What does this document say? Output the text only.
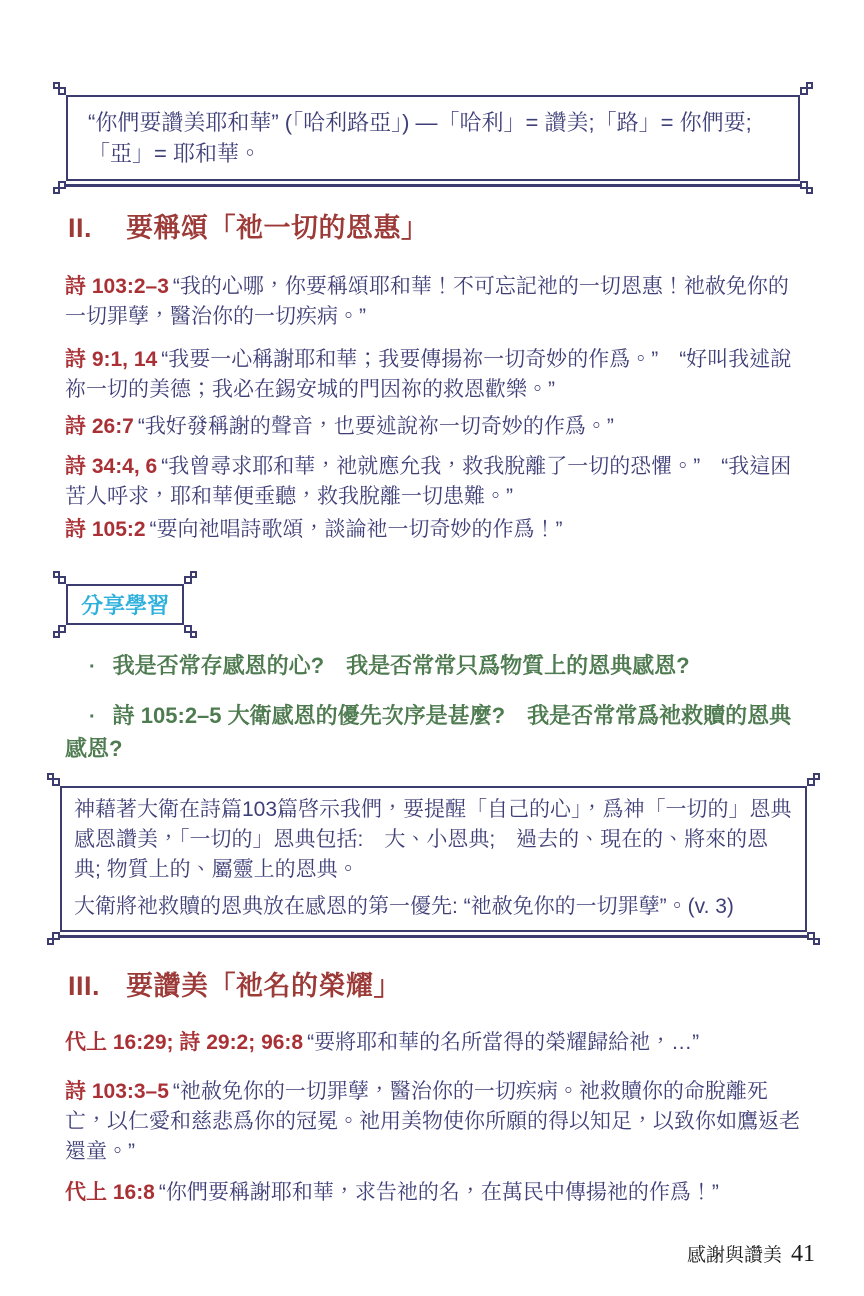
“你們要讚美耶和華” (「哈利路亞」) —「哈利」= 讚美;「路」= 你們要;「亞」= 耶和華。
II. 要稱頌「祂一切的恩惠」

詩 103:2–3 “我的心哪，你要稱頌耶和華！不可忘記祂的一切恩惠！祂赦免你的一切罪孽，醫治你的一切疾病。”

詩 9:1, 14 “我要一心稱謝耶和華；我要傳揚祢一切奇妙的作爲。”　“好叫我述說祢一切的美德；我必在錫安城的門因祢的救恩歡樂。”

詩 26:7 “我好發稱謝的聲音，也要述說祢一切奇妙的作爲。”

詩 34:4, 6 “我曾尋求耶和華，祂就應允我，救我脫離了一切的恐懼。”　“我這困苦人呼求，耶和華便垂聽，救我脫離一切患難。”

詩 105:2 “要向祂唱詩歌頌，談論祂一切奇妙的作爲！”

分享學習

· 我是否常存感恩的心?　我是否常常只爲物質上的恩典感恩?

· 詩 105:2–5 大衛感恩的優先次序是甚麼?　我是否常常爲祂救贖的恩典感恩?

神藉著大衛在詩篇103篇啓示我們，要提醒「自己的心」，爲神「一切的」恩典感恩讚美，「一切的」恩典包括:　大、小恩典;　過去的、現在的、將來的恩典; 物質上的、屬靈上的恩典。

大衛將祂救贖的恩典放在感恩的第一優先: “祂赦免你的一切罪孽”。(v. 3)

III. 要讚美「祂名的榮耀」

代上 16:29; 詩 29:2; 96:8 “要將耶和華的名所當得的榮耀歸給祂，…”

詩 103:3–5 “祂赦免你的一切罪孽，醫治你的一切疾病。祂救贖你的命脫離死亡，以仁愛和慈悲爲你的冠冕。祂用美物使你所願的得以知足，以致你如鷹返老還童。”

代上 16:8 “你們要稱謝耶和華，求告祂的名，在萬民中傳揚祂的作爲！”

感謝與讚美 41
